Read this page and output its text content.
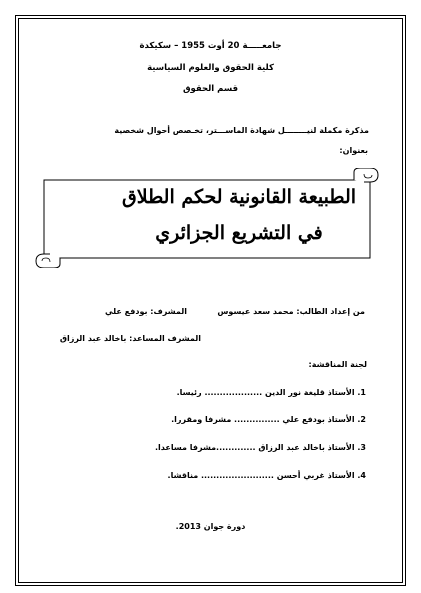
جامعـــــة 20 أوت 1955 – سكيكدة
كلية الحقوق والعلوم السياسية
قسم الحقوق
مذكرة مكملة لنيــــــــل شهادة الماســـتر، تخـصص أحوال شخصية
بعنوان:
الطبيعة القانونية لحكم الطلاق
في التشريع الجزائري
من إعداد الطالب: محمد سعد عيسوس
المشرف: بودفع علي
المشرف المساعد: باخالد عبد الرزاق
لجنة المناقشة:
1. الأستاذ قليغة نور الدين ................... رئيسا.
2. الأستاذ بودفع علي ............... مشرفا ومقررا.
3. الأستاذ باخالد عبد الرزاق .............مشرفا مساعدا.
4. الأستاذ غربي أحسن ........................ مناقشا.
دورة جوان 2013.
